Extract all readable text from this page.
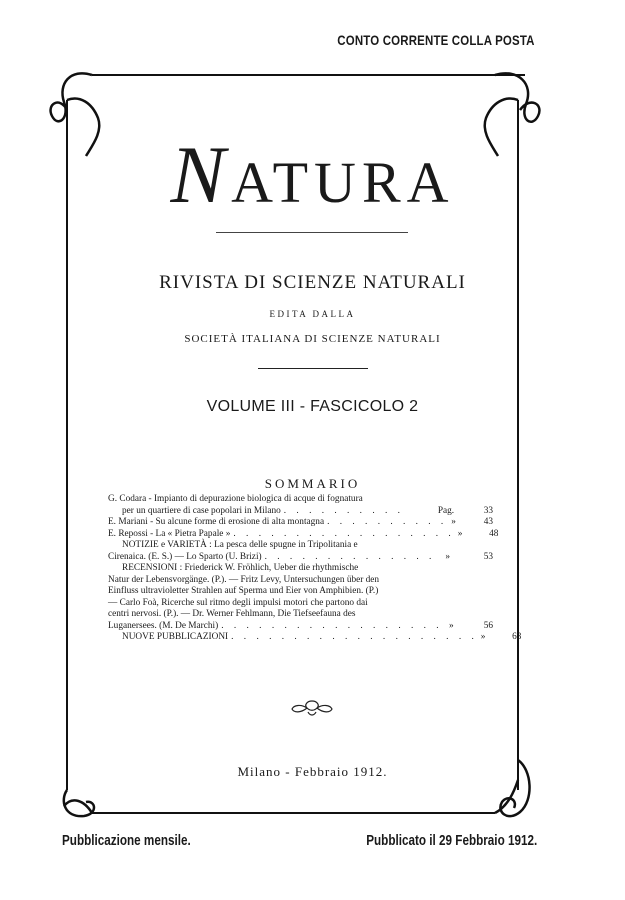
CONTO CORRENTE COLLA POSTA
NATURA
RIVISTA DI SCIENZE NATURALI
EDITA DALLA
SOCIETÀ ITALIANA DI SCIENZE NATURALI
VOLUME III - FASCICOLO 2
SOMMARIO
G. Codara - Impianto di depurazione biologica di acque di fognatura
per un quartiere di case popolari in Milano . . . . . . . . . .	Pag.	33
E. Mariani - Su alcune forme di erosione di alta montagna . . . . . . . . . . »	43
E. Repossi - La « Pietra Papale » . . . . . . . . . . . . . . . . . . »	48
NOTIZIE e VARIETÀ : La pesca delle spugne in Tripolitania e
Cirenaica. (E. S.) — Lo Sparto (U. Brizi) . . . . . . . . . . . . . .	»	53
RECENSIONI : Friederick W. Fröhlich, Ueber die rhythmische
Natur der Lebensvorgänge. (P.). — Fritz Levy, Untersuchungen über den
Einfluss ultravioletter Strahlen auf Sperma und Eier von Amphibien. (P.)
— Carlo Foà, Ricerche sul ritmo degli impulsi motori che partono dai
centri nervosi. (P.). — Dr. Werner Fehlmann, Die Tiefseefauna des
Luganersees. (M. De Marchi) . . . . . . . . . . . . . . . . . . »	56
NUOVE PUBBLICAZIONI . . . . . . . . . . . . . . . . . . . . »	63
Milano - Febbraio 1912.
Pubblicazione mensile.	Pubblicato il 29 Febbraio 1912.
